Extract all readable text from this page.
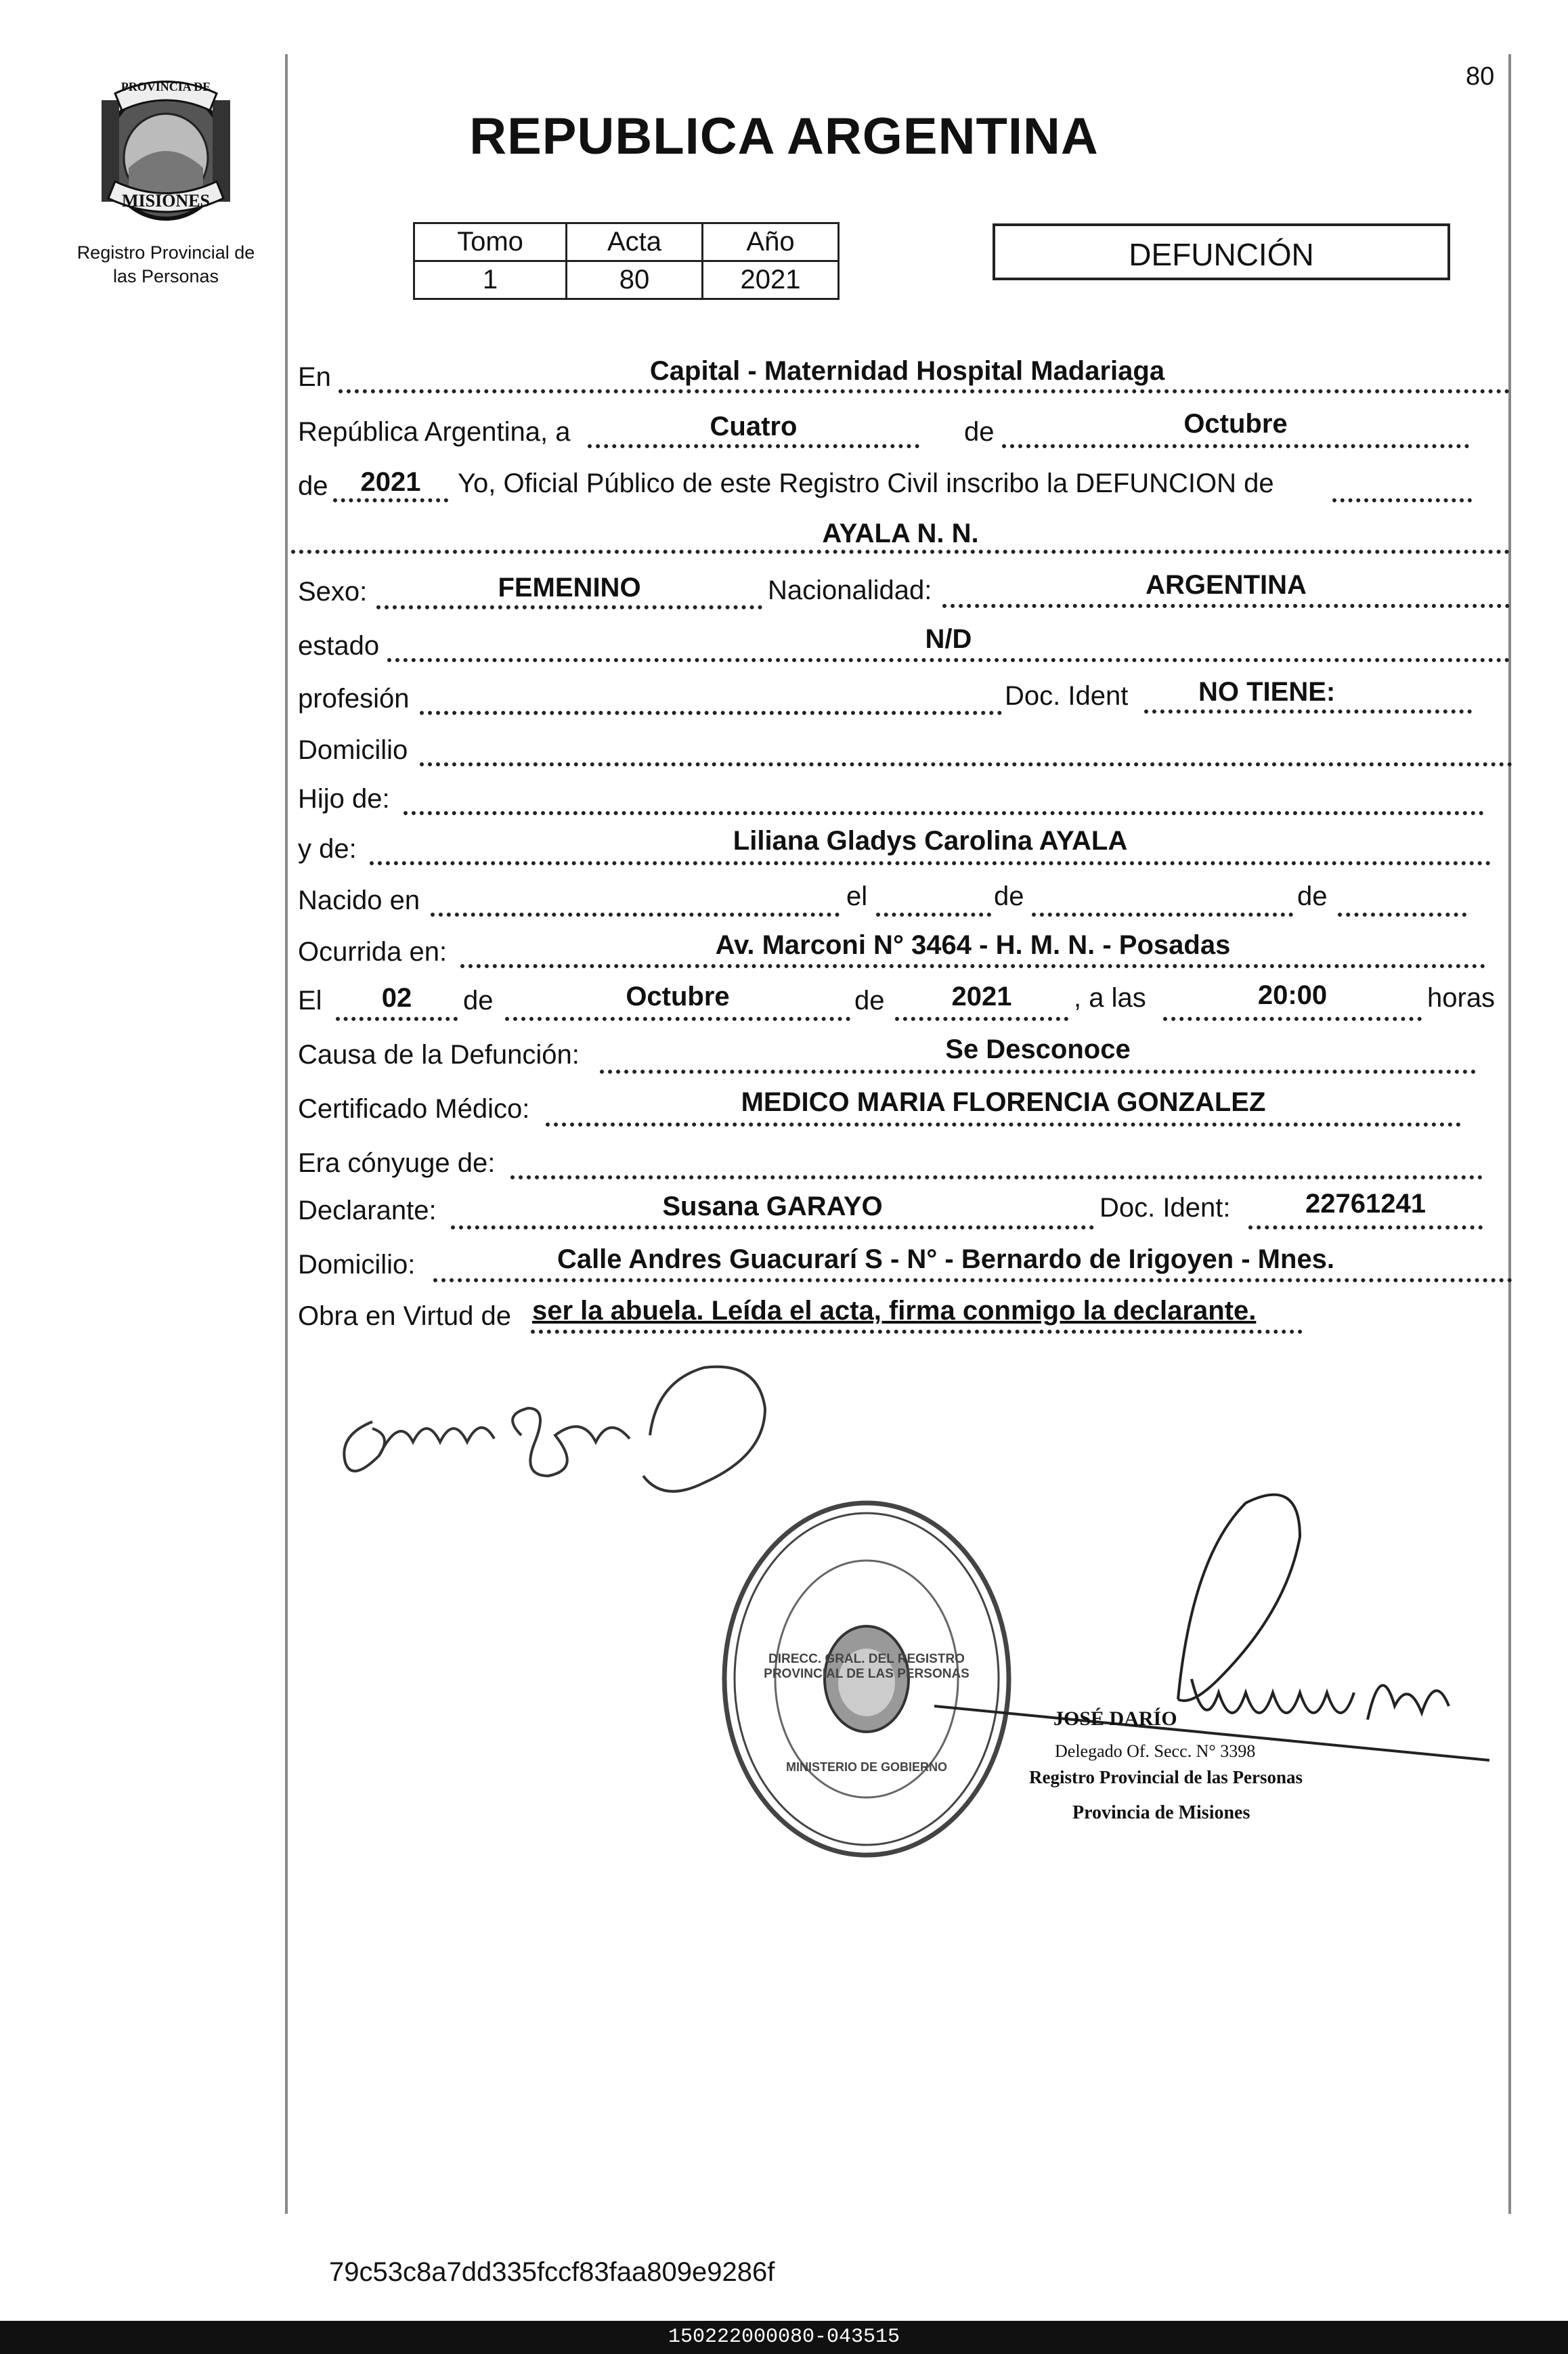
PROVINCIA DE
MISIONES
Registro Provincial de
las Personas
80
REPUBLICA ARGENTINA
Tomo	Acta	Año
1	80	2021
DEFUNCIÓN
En	Capital - Maternidad Hospital Madariaga
República Argentina, a	Cuatro	de	Octubre
de	2021	Yo, Oficial Público de este Registro Civil inscribo la DEFUNCION de
AYALA N. N.
Sexo:	FEMENINO	Nacionalidad:	ARGENTINA
estado	N/D
profesión	Doc. Ident	NO TIENE:
Domicilio
Hijo de:
y de:	Liliana Gladys Carolina AYALA
Nacido en	el	de	de
Ocurrida en:	Av. Marconi N° 3464 - H. M. N. - Posadas
El	02	de	Octubre	de	2021	, a las	20:00	horas
Causa de la Defunción:	Se Desconoce
Certificado Médico:	MEDICO MARIA FLORENCIA GONZALEZ
Era cónyuge de:
Declarante:	Susana GARAYO	Doc. Ident:	22761241
Domicilio:	Calle Andres Guacurarí S - N° - Bernardo de Irigoyen - Mnes.
Obra en Virtud de ser la abuela. Leída el acta, firma conmigo la declarante.
DIRECC. GRAL. DEL REGISTRO PROVINCIAL DE LAS PERSONAS
MINISTERIO DE GOBIERNO
JOSÉ DARÍO
Delegado Of. Secc. N° 3398
Registro Provincial de las Personas
Provincia de Misiones
79c53c8a7dd335fccf83faa809e9286f
150222000080-043515
